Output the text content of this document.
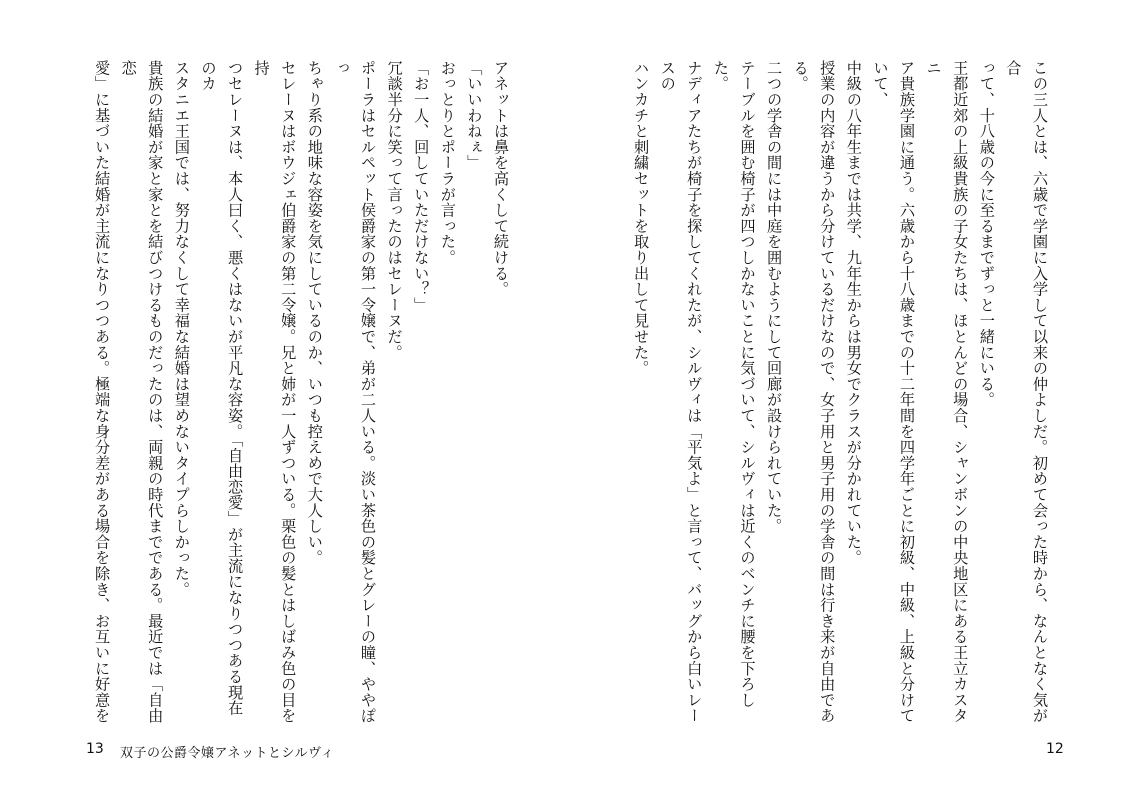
アネットは鼻を高くして続ける。
「いいわねぇ」
おっとりとポーラが言った。
「お一人、回していただけない？」
冗談半分に笑って言ったのはセレーヌだ。
ポーラはセルペット侯爵家の第一令嬢で、弟が二人いる。淡い茶色の髪とグレーの瞳、ややぽっ
ちゃり系の地味な容姿を気にしているのか、いつも控えめで大人しい。
セレーヌはボウジェ伯爵家の第二令嬢。兄と姉が一人ずついる。栗色の髪とはしばみ色の目を持
つセレーヌは、本人曰く、悪くはないが平凡な容姿。「自由恋愛」が主流になりつつある現在のカ
スタニエ王国では、努力なくして幸福な結婚は望めないタイプらしかった。
貴族の結婚が家と家とを結びつけるものだったのは、両親の時代までである。最近では「自由恋
愛」に基づいた結婚が主流になりつつある。極端な身分差がある場合を除き、お互いに好意を
13 双子の公爵令嬢アネットとシルヴィ
この三人とは、六歳で学園に入学して以来の仲よしだ。初めて会った時から、なんとなく気が合
って、十八歳の今に至るまでずっと一緒にいる。
王都近郊の上級貴族の子女たちは、ほとんどの場合、シャンボンの中央地区にある王立カスタニ
ア貴族学園に通う。六歳から十八歳までの十二年間を四学年ごとに初級、中級、上級と分けていて、
中級の八年生までは共学、九年生からは男女でクラスが分かれていた。
授業の内容が違うから分けているだけなので、女子用と男子用の学舎の間は行き来が自由である。
二つの学舎の間には中庭を囲むようにして回廊が設けられていた。
テーブルを囲む椅子が四つしかないことに気づいて、シルヴィは近くのベンチに腰を下ろした。
ナディアたちが椅子を探してくれたが、シルヴィは「平気よ」と言って、バッグから白いレースの
ハンカチと刺繍セットを取り出して見せた。
12
